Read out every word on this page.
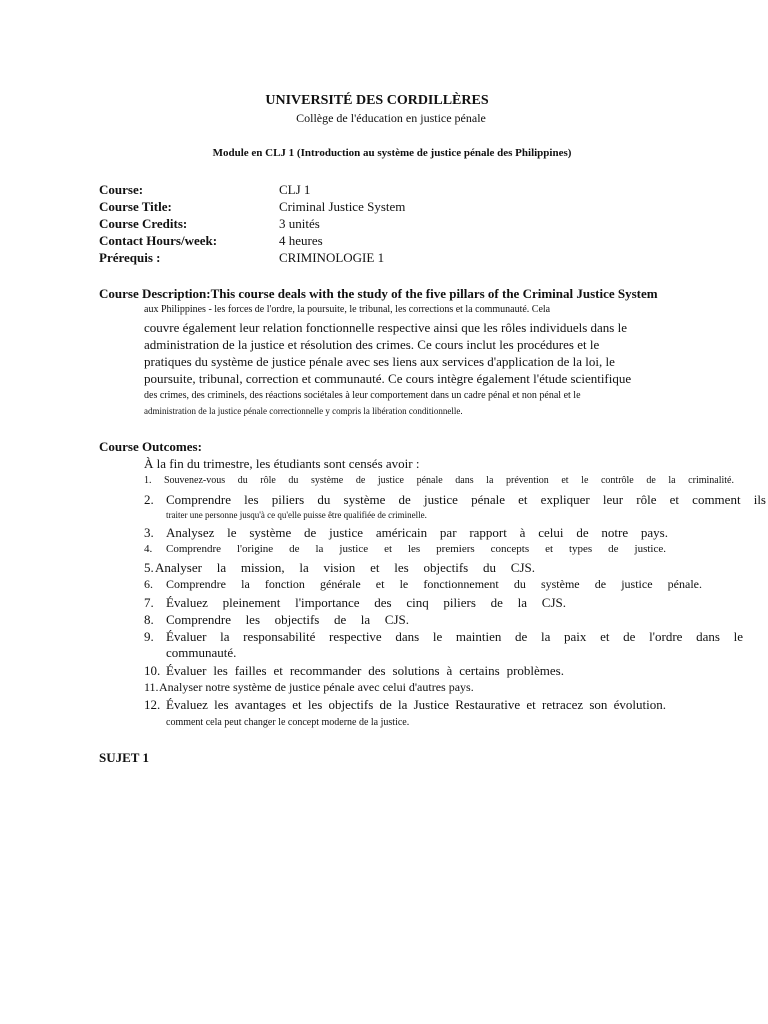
UNIVERSITÉ DES CORDILLÈRES
Collège de l'éducation en justice pénale
Module en CLJ 1 (Introduction au système de justice pénale des Philippines)
Course:	CLJ 1
Course Title:	Criminal Justice System
Course Credits:	3 unités
Contact Hours/week:	4 heures
Prérequis :	CRIMINOLOGIE 1
Course Description:This course deals with the study of the five pillars of the Criminal Justice System
aux Philippines - les forces de l'ordre, la poursuite, le tribunal, les corrections et la communauté. Cela
couvre également leur relation fonctionnelle respective ainsi que les rôles individuels dans le
administration de la justice et résolution des crimes. Ce cours inclut les procédures et le
pratiques du système de justice pénale avec ses liens aux services d'application de la loi, le
poursuite, tribunal, correction et communauté. Ce cours intègre également l'étude scientifique
des crimes, des criminels, des réactions sociétales à leur comportement dans un cadre pénal et non pénal et le
administration de la justice pénale correctionnelle y compris la libération conditionnelle.
Course Outcomes:
À la fin du trimestre, les étudiants sont censés avoir :
1. Souvenez-vous du rôle du système de justice pénale dans la prévention et le contrôle de la criminalité.
2. Comprendre les piliers du système de justice pénale et expliquer leur rôle et comment ils
traiter une personne jusqu'à ce qu'elle puisse être qualifiée de criminelle.
3. Analysez le système de justice américain par rapport à celui de notre pays.
4. Comprendre l'origine de la justice et les premiers concepts et types de justice.
5. Analyser la mission, la vision et les objectifs du CJS.
6. Comprendre la fonction générale et le fonctionnement du système de justice pénale.
7. Évaluez pleinement l'importance des cinq piliers de la CJS.
8. Comprendre les objectifs de la CJS.
9. Évaluer la responsabilité respective dans le maintien de la paix et de l'ordre dans le
communauté.
10. Évaluer les failles et recommander des solutions à certains problèmes.
11. Analyser notre système de justice pénale avec celui d'autres pays.
12. Évaluez les avantages et les objectifs de la Justice Restaurative et retracez son évolution.
comment cela peut changer le concept moderne de la justice.
SUJET 1
